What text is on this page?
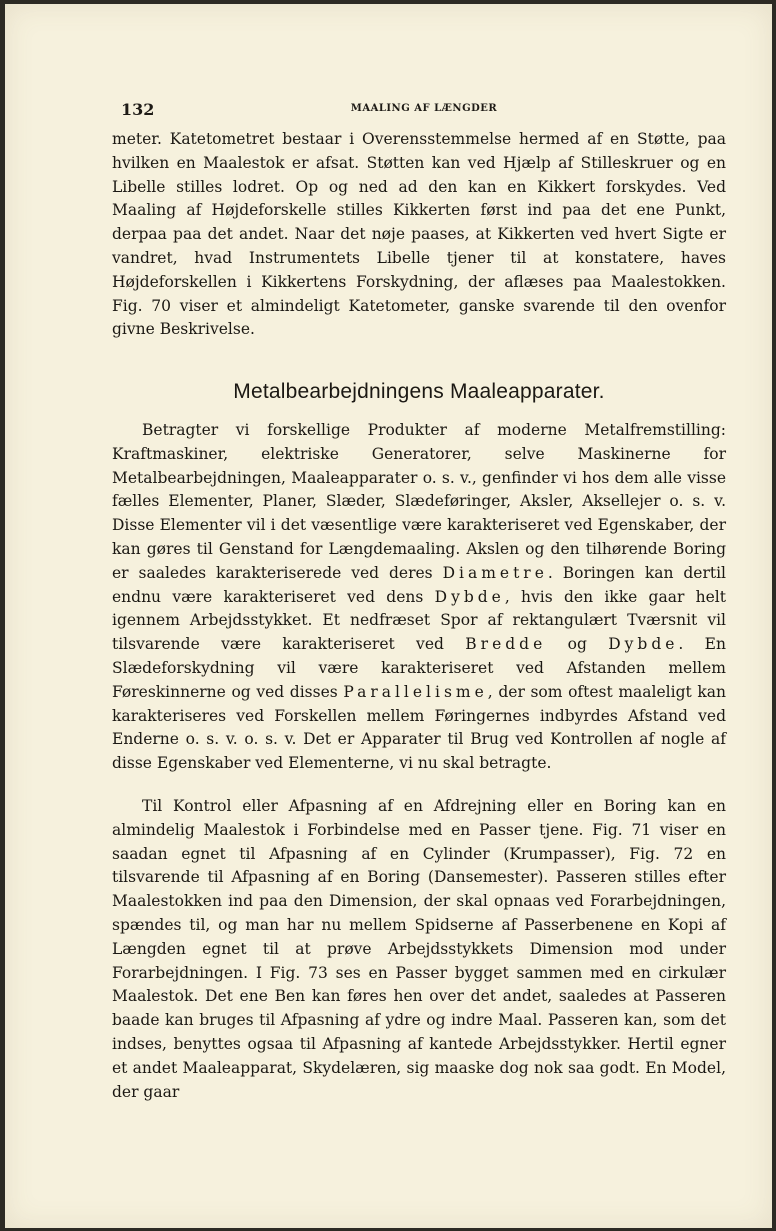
132	MAALING AF LÆNGDER

meter. Katetometret bestaar i Overensstemmelse hermed af en Støtte, paa hvilken en Maalestok er afsat. Støtten kan ved Hjælp af Stilleskruer og en Libelle stilles lodret. Op og ned ad den kan en Kikkert forskydes. Ved Maaling af Højdeforskelle stilles Kikkerten først ind paa det ene Punkt, derpaa paa det andet. Naar det nøje paases, at Kikkerten ved hvert Sigte er vandret, hvad Instrumentets Libelle tjener til at konstatere, haves Højdeforskellen i Kikkertens Forskydning, der aflæses paa Maalestokken. Fig. 70 viser et almindeligt Katetometer, ganske svarende til den ovenfor givne Beskrivelse.

Metalbearbejdningens Maaleapparater.

Betragter vi forskellige Produkter af moderne Metalfremstilling: Kraftmaskiner, elektriske Generatorer, selve Maskinerne for Metalbearbejdningen, Maaleapparater o. s. v., genfinder vi hos dem alle visse fælles Elementer, Planer, Slæder, Slædeføringer, Aksler, Aksellejer o. s. v. Disse Elementer vil i det væsentlige være karakteriseret ved Egenskaber, der kan gøres til Genstand for Længdemaaling. Akslen og den tilhørende Boring er saaledes karakteriserede ved deres Diametre. Boringen kan dertil endnu være karakteriseret ved dens Dybde, hvis den ikke gaar helt igennem Arbejdsstykket. Et nedfræset Spor af rektangulært Tværsnit vil tilsvarende være karakteriseret ved Bredde og Dybde. En Slædeforskydning vil være karakteriseret ved Afstanden mellem Føreskinnerne og ved disses Parallelisme, der som oftest maaleligt kan karakteriseres ved Forskellen mellem Føringernes indbyrdes Afstand ved Enderne o. s. v. o. s. v. Det er Apparater til Brug ved Kontrollen af nogle af disse Egenskaber ved Elementerne, vi nu skal betragte.

Til Kontrol eller Afpasning af en Afdrejning eller en Boring kan en almindelig Maalestok i Forbindelse med en Passer tjene. Fig. 71 viser en saadan egnet til Afpasning af en Cylinder (Krumpasser), Fig. 72 en tilsvarende til Afpasning af en Boring (Dansemester). Passeren stilles efter Maalestokken ind paa den Dimension, der skal opnaas ved Forarbejdningen, spændes til, og man har nu mellem Spidserne af Passerbenene en Kopi af Længden egnet til at prøve Arbejdsstykkets Dimension mod under Forarbejdningen. I Fig. 73 ses en Passer bygget sammen med en cirkulær Maalestok. Det ene Ben kan føres hen over det andet, saaledes at Passeren baade kan bruges til Afpasning af ydre og indre Maal. Passeren kan, som det indses, benyttes ogsaa til Afpasning af kantede Arbejdsstykker. Hertil egner et andet Maaleapparat, Skydelæren, sig maaske dog nok saa godt. En Model, der gaar
